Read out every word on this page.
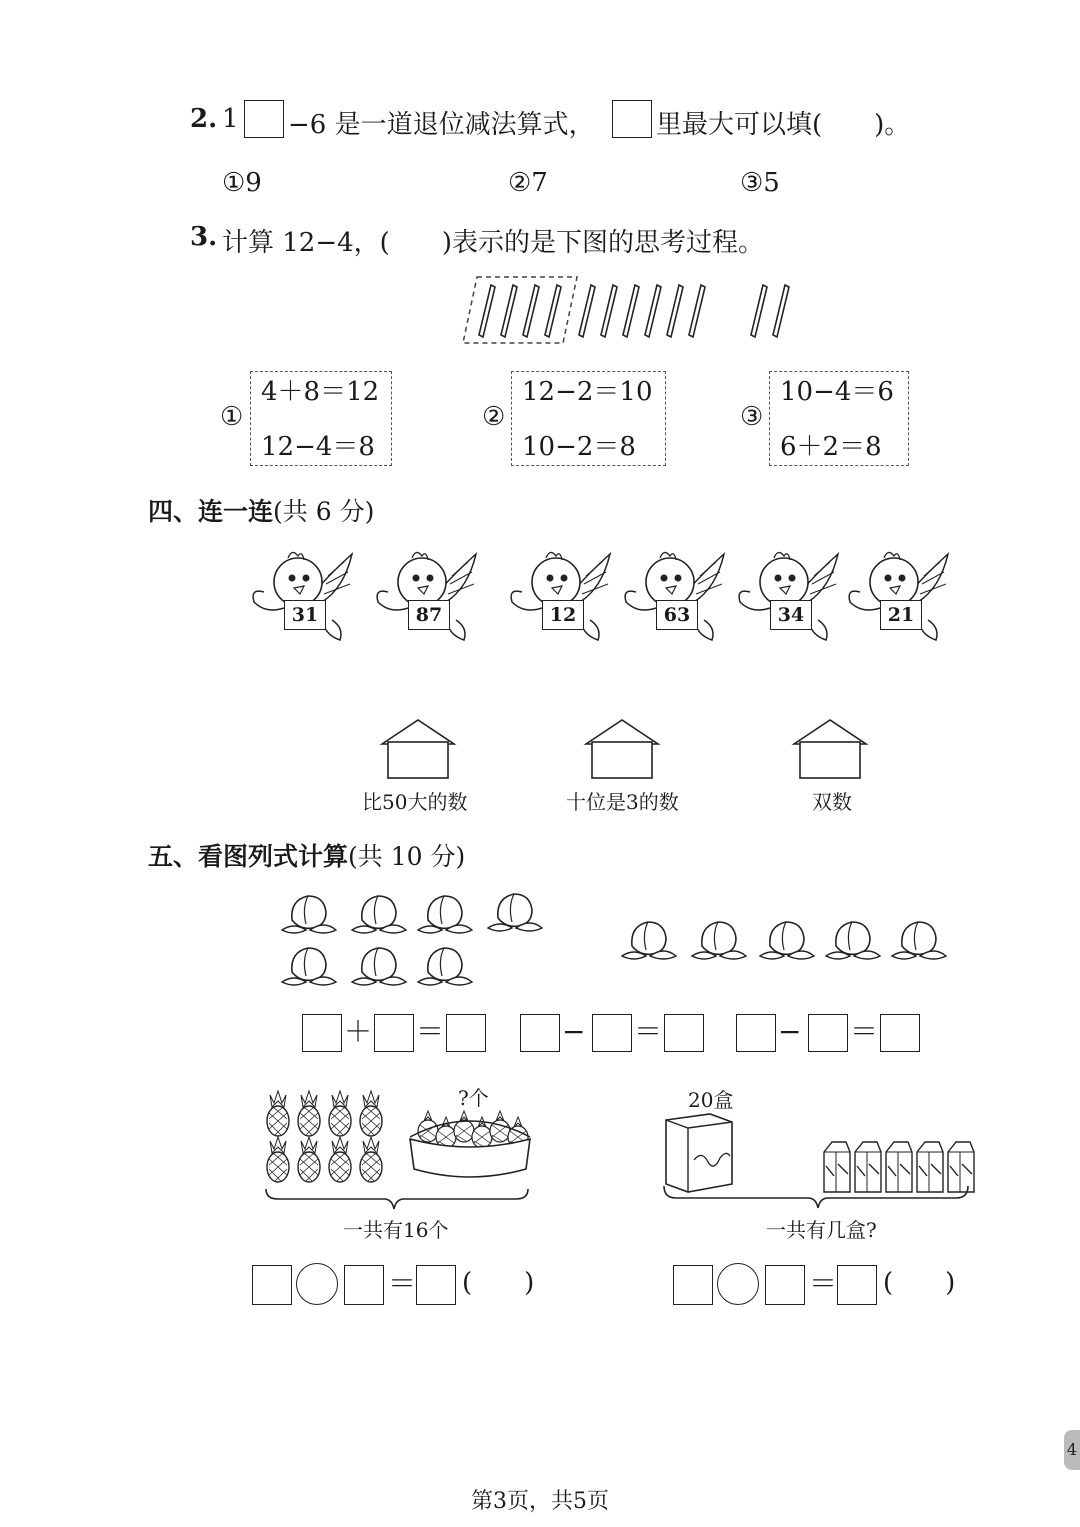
2. 1 −6 是一道退位减法算式， 里最大可以填(　　)。
①9	②7	③5
3. 计算 12−4，(　　)表示的是下图的思考过程。
①
4＋8＝12
12−4＝8
②
12−2＝10
10−2＝8
③
10−4＝6
6＋2＝8
四、连一连(共 6 分)
31	87	12	63	34	21
比50大的数	十位是3的数	双数
五、看图列式计算(共 10 分)
＋ ＝	− ＝	− ＝
?个
一共有16个
20盒
一共有几盒?
＝ (　　)	＝ (　　)
第3页，共5页
4
